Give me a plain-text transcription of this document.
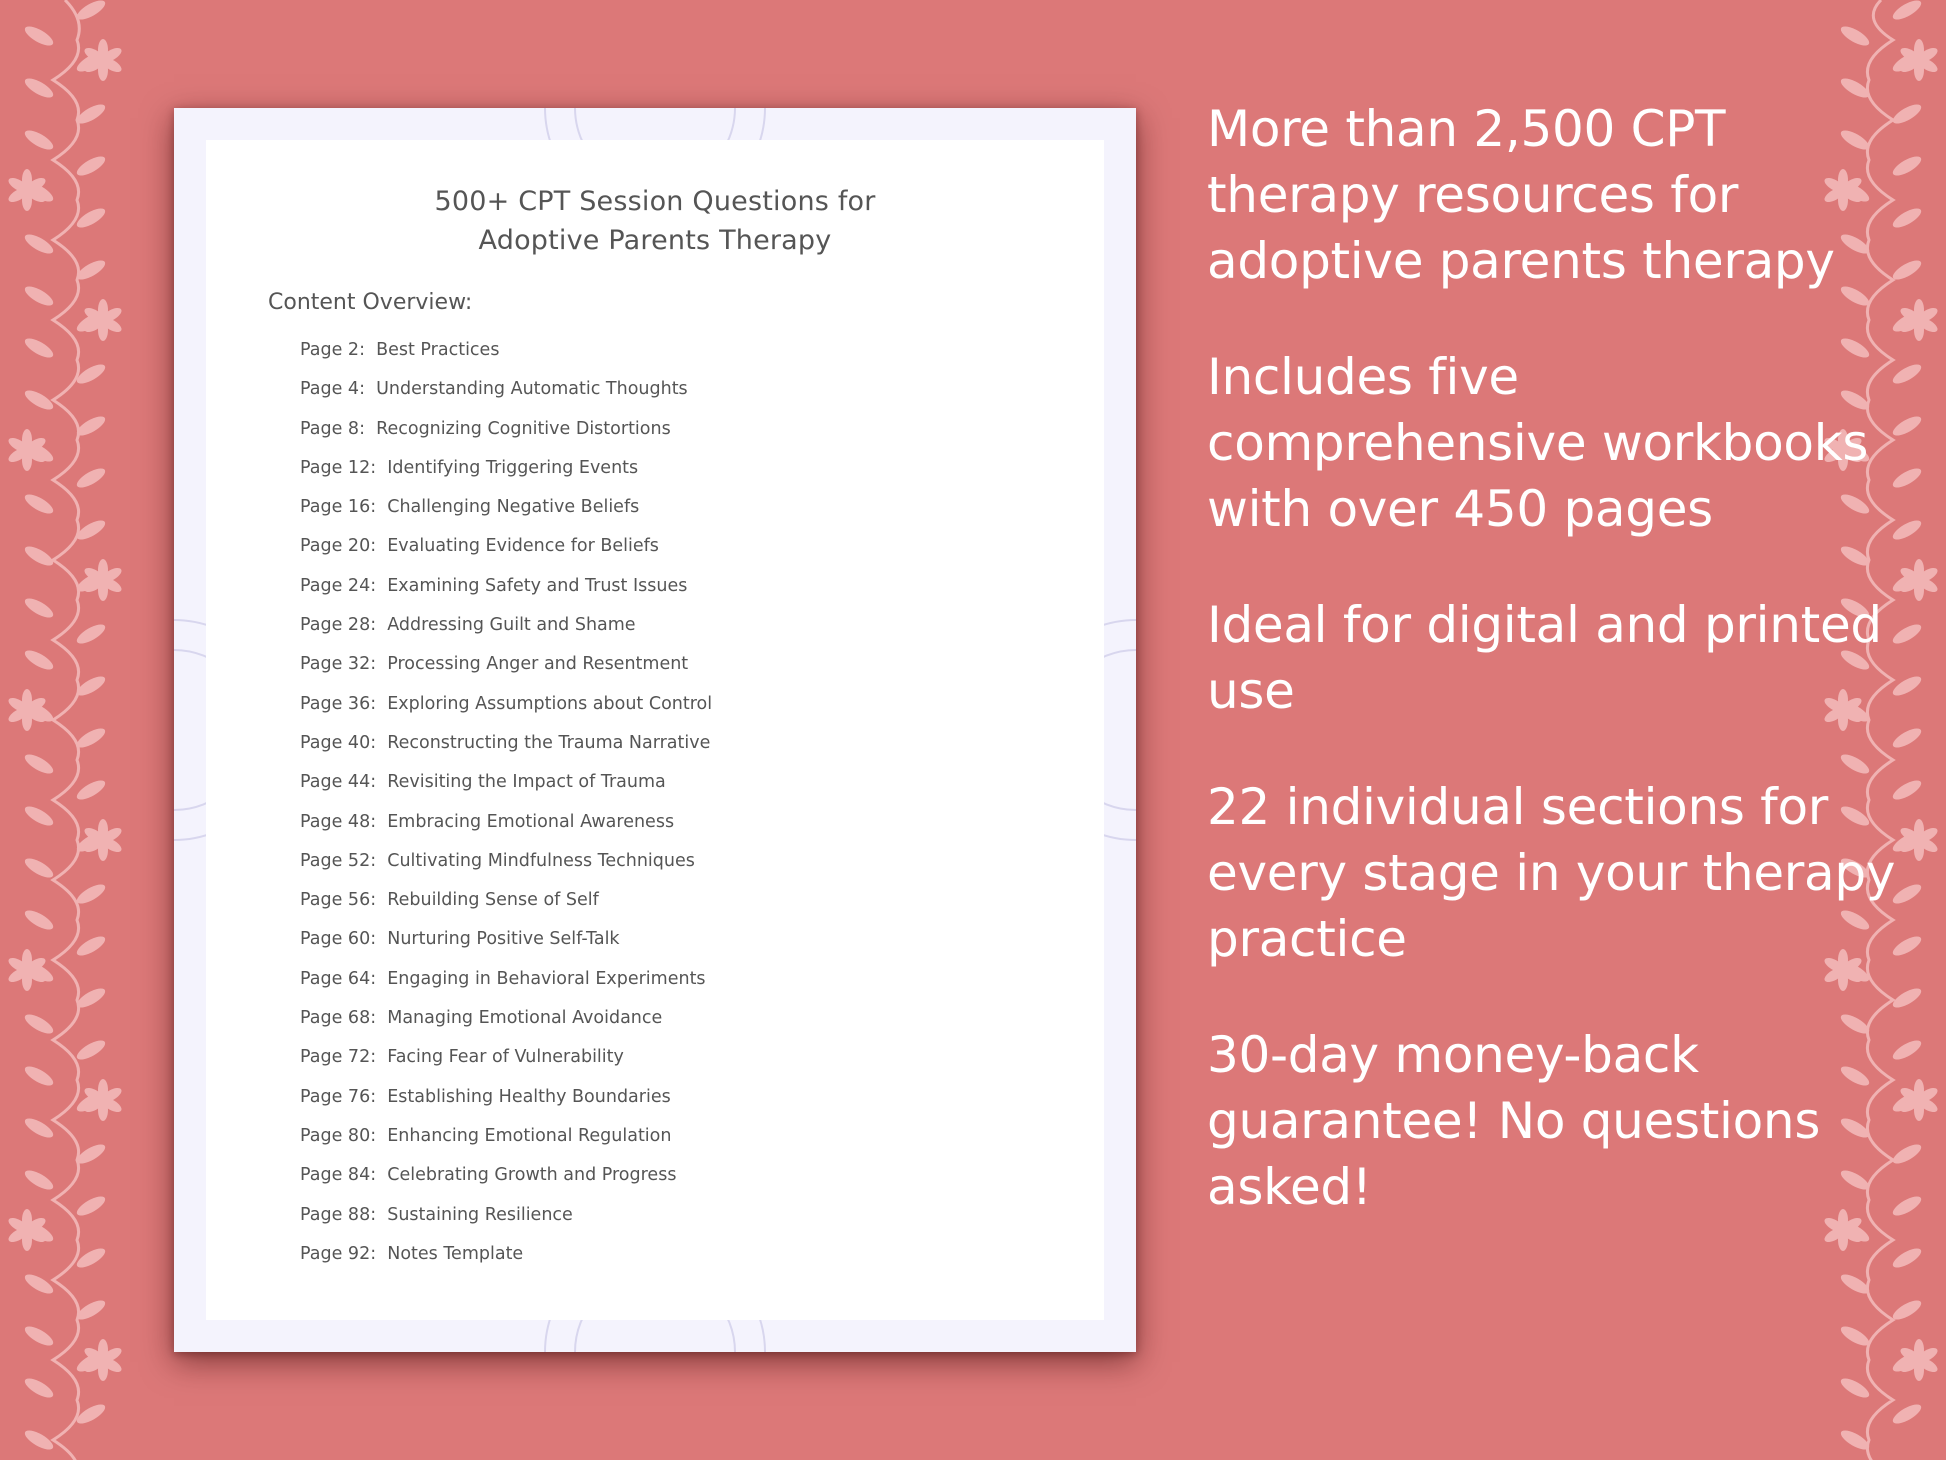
500+ CPT Session Questions for
Adoptive Parents Therapy
Content Overview:
Page 2: Best Practices
Page 4: Understanding Automatic Thoughts
Page 8: Recognizing Cognitive Distortions
Page 12: Identifying Triggering Events
Page 16: Challenging Negative Beliefs
Page 20: Evaluating Evidence for Beliefs
Page 24: Examining Safety and Trust Issues
Page 28: Addressing Guilt and Shame
Page 32: Processing Anger and Resentment
Page 36: Exploring Assumptions about Control
Page 40: Reconstructing the Trauma Narrative
Page 44: Revisiting the Impact of Trauma
Page 48: Embracing Emotional Awareness
Page 52: Cultivating Mindfulness Techniques
Page 56: Rebuilding Sense of Self
Page 60: Nurturing Positive Self-Talk
Page 64: Engaging in Behavioral Experiments
Page 68: Managing Emotional Avoidance
Page 72: Facing Fear of Vulnerability
Page 76: Establishing Healthy Boundaries
Page 80: Enhancing Emotional Regulation
Page 84: Celebrating Growth and Progress
Page 88: Sustaining Resilience
Page 92: Notes Template
More than 2,500 CPT therapy resources for adoptive parents therapy
Includes five comprehensive workbooks with over 450 pages
Ideal for digital and printed use
22 individual sections for every stage in your therapy practice
30-day money-back guarantee! No questions asked!
